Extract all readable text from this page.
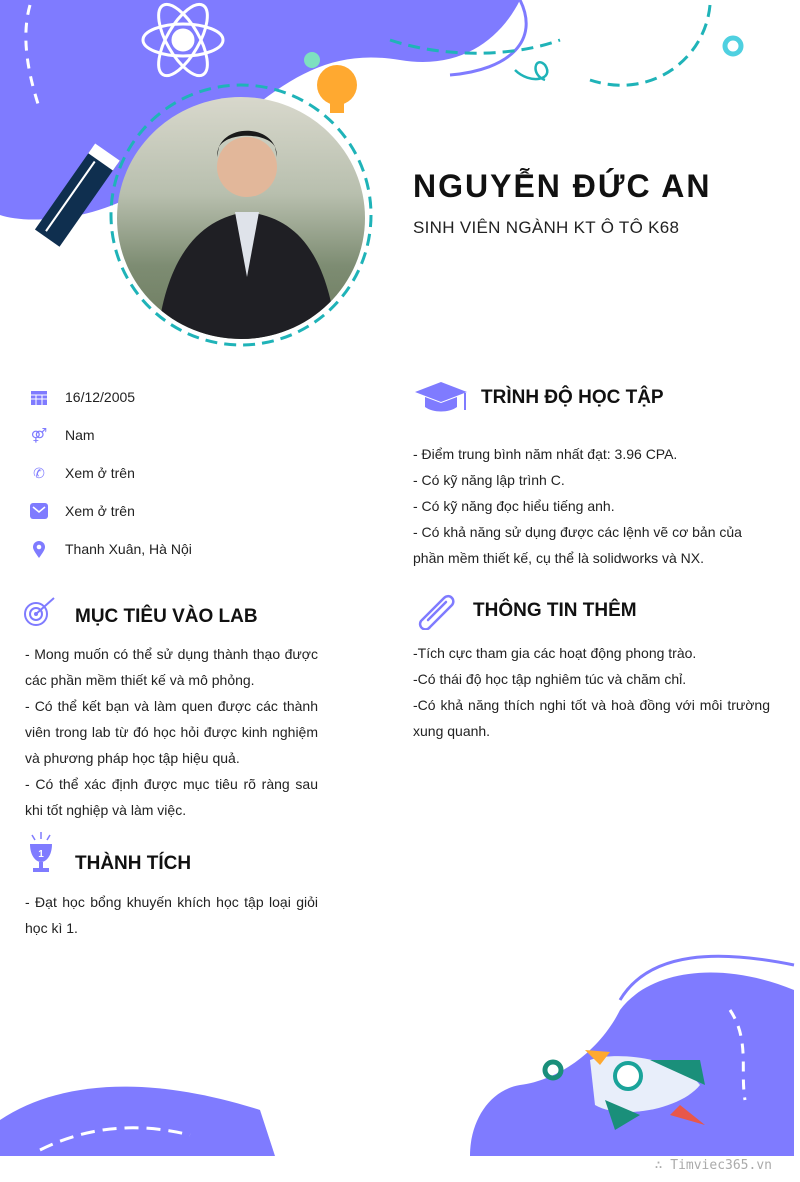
NGUYỄN ĐỨC AN
SINH VIÊN NGÀNH KT Ô TÔ K68
16/12/2005
⚤ Nam
✆	Xem ở trên
Xem ở trên
Thanh Xuân, Hà Nội
MỤC TIÊU VÀO LAB

- Mong muốn có thể sử dụng thành thạo được các phần mềm thiết kế và mô phỏng.

- Có thể kết bạn và làm quen được các thành viên trong lab từ đó học hỏi được kinh nghiệm và phương pháp học tập hiệu quả.

- Có thể xác định được mục tiêu rõ ràng sau khi tốt nghiệp và làm việc.

1 THÀNH TÍCH

- Đạt học bổng khuyến khích học tập loại giỏi học kì 1.

TRÌNH ĐỘ HỌC TẬP

- Điểm trung bình năm nhất đạt: 3.96 CPA.

- Có kỹ năng lập trình C.

- Có kỹ năng đọc hiểu tiếng anh.

- Có khả năng sử dụng được các lệnh vẽ cơ bản của phần mềm thiết kế, cụ thể là solidworks và NX.

THÔNG TIN THÊM

-Tích cực tham gia các hoạt động phong trào.

-Có thái độ học tập nghiêm túc và chăm chỉ.

-Có khả năng thích nghi tốt và hoà đồng với môi trường xung quanh.

∴ Timviec365.vn
